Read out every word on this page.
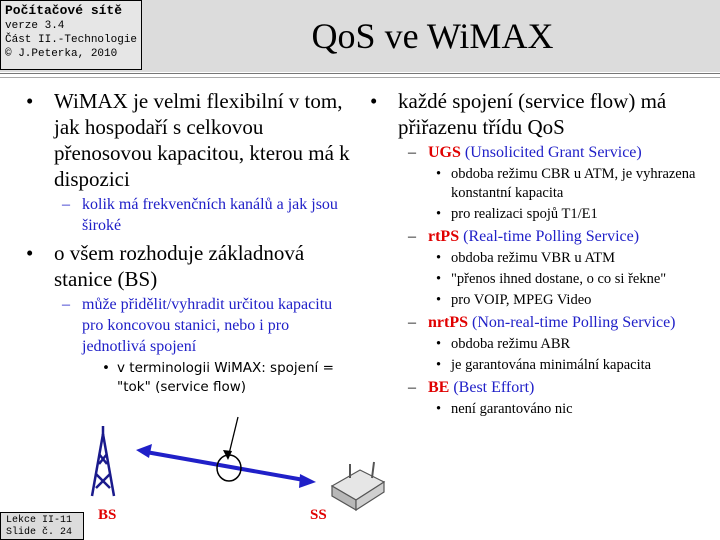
Počítačové sítě
verze 3.4
Část II.-Technologie
© J.Peterka, 2010	QoS ve WiMAX
• WiMAX je velmi flexibilní v tom, jak hospodaří s celkovou přenosovou kapacitou, kterou má k dispozici
– kolik má frekvenčních kanálů a jak jsou široké
• o všem rozhoduje základnová stanice (BS)
– může přidělit/vyhradit určitou kapacitu pro koncovou stanici, nebo i pro jednotlivá spojení
• v terminologii WiMAX: spojení = "tok" (service flow)
• každé spojení (service flow) má přiřazenu třídu QoS
– UGS (Unsolicited Grant Service)
• obdoba režimu CBR u ATM, je vyhrazena konstantní kapacita
• pro realizaci spojů T1/E1
– rtPS (Real-time Polling Service)
• obdoba režimu VBR u ATM
• "přenos ihned dostane, o co si řekne"
• pro VOIP, MPEG Video
– nrtPS (Non-real-time Polling Service)
• obdoba režimu ABR
• je garantována minimální kapacita
– BE (Best Effort)
• není garantováno nic
BS	SS
Lekce II-11
Slide č. 24
